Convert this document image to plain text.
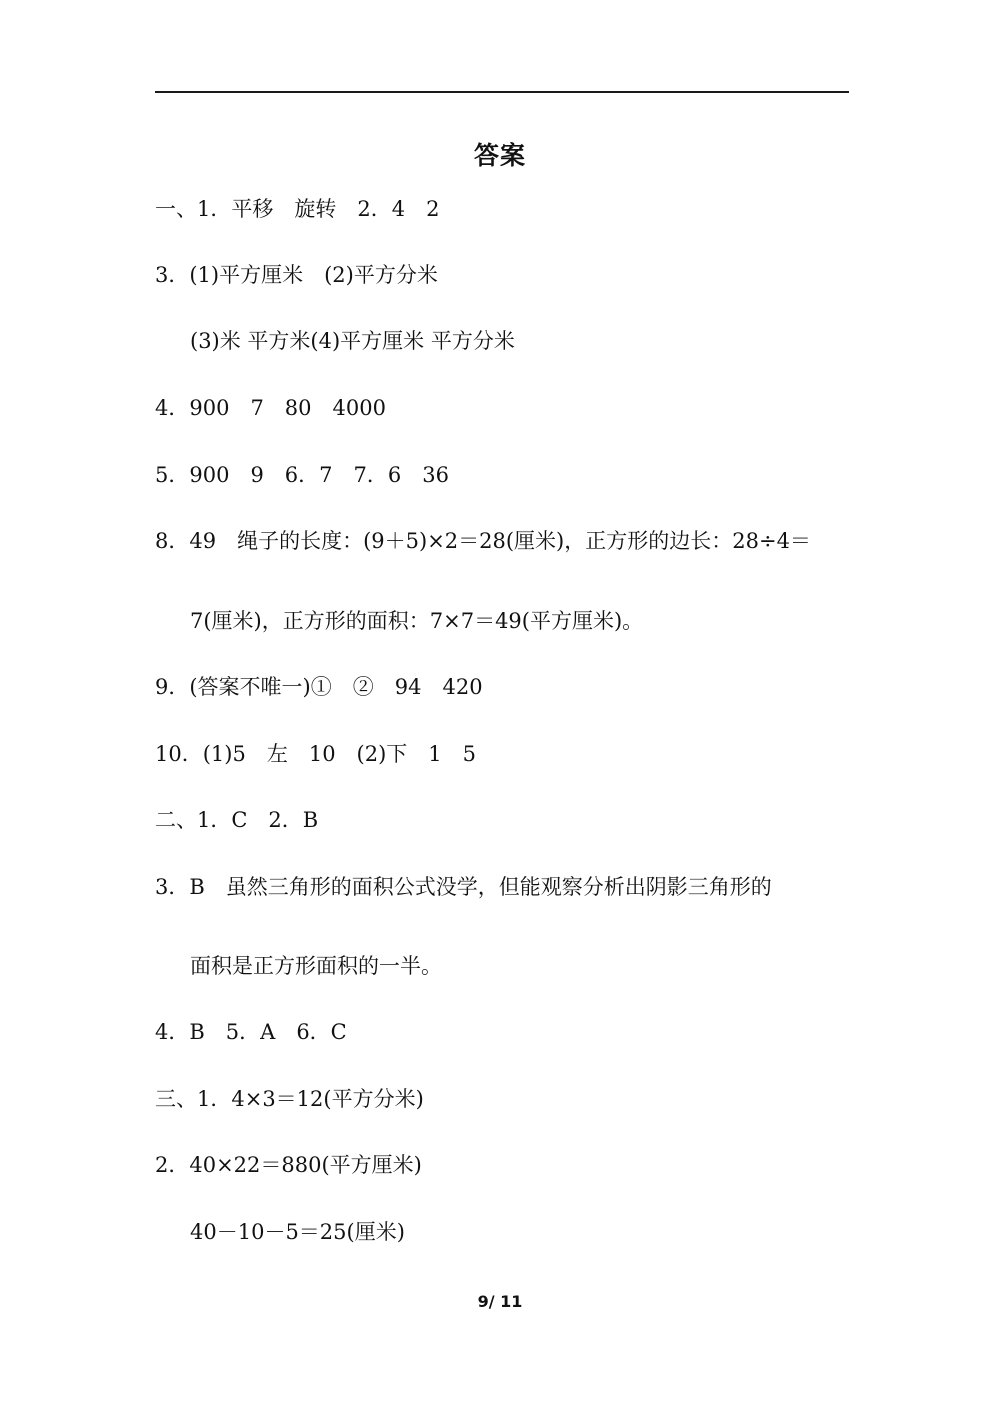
答案
一、1．平移　旋转　2．4　2
3．(1)平方厘米　(2)平方分米
(3)米 平方米(4)平方厘米 平方分米
4．900　7　80　4000
5．900　9　6．7　7．6　36
8．49　绳子的长度：(9＋5)×2＝28(厘米)，正方形的边长：28÷4＝
7(厘米)，正方形的面积：7×7＝49(平方厘米)。
9．(答案不唯一)①　②　94　420
10．(1)5　左　10　(2)下　1　5
二、1．C　2．B
3．B　虽然三角形的面积公式没学，但能观察分析出阴影三角形的
面积是正方形面积的一半。
4．B　5．A　6．C
三、1．4×3＝12(平方分米)
2．40×22＝880(平方厘米)
40－10－5＝25(厘米)
9/ 11
